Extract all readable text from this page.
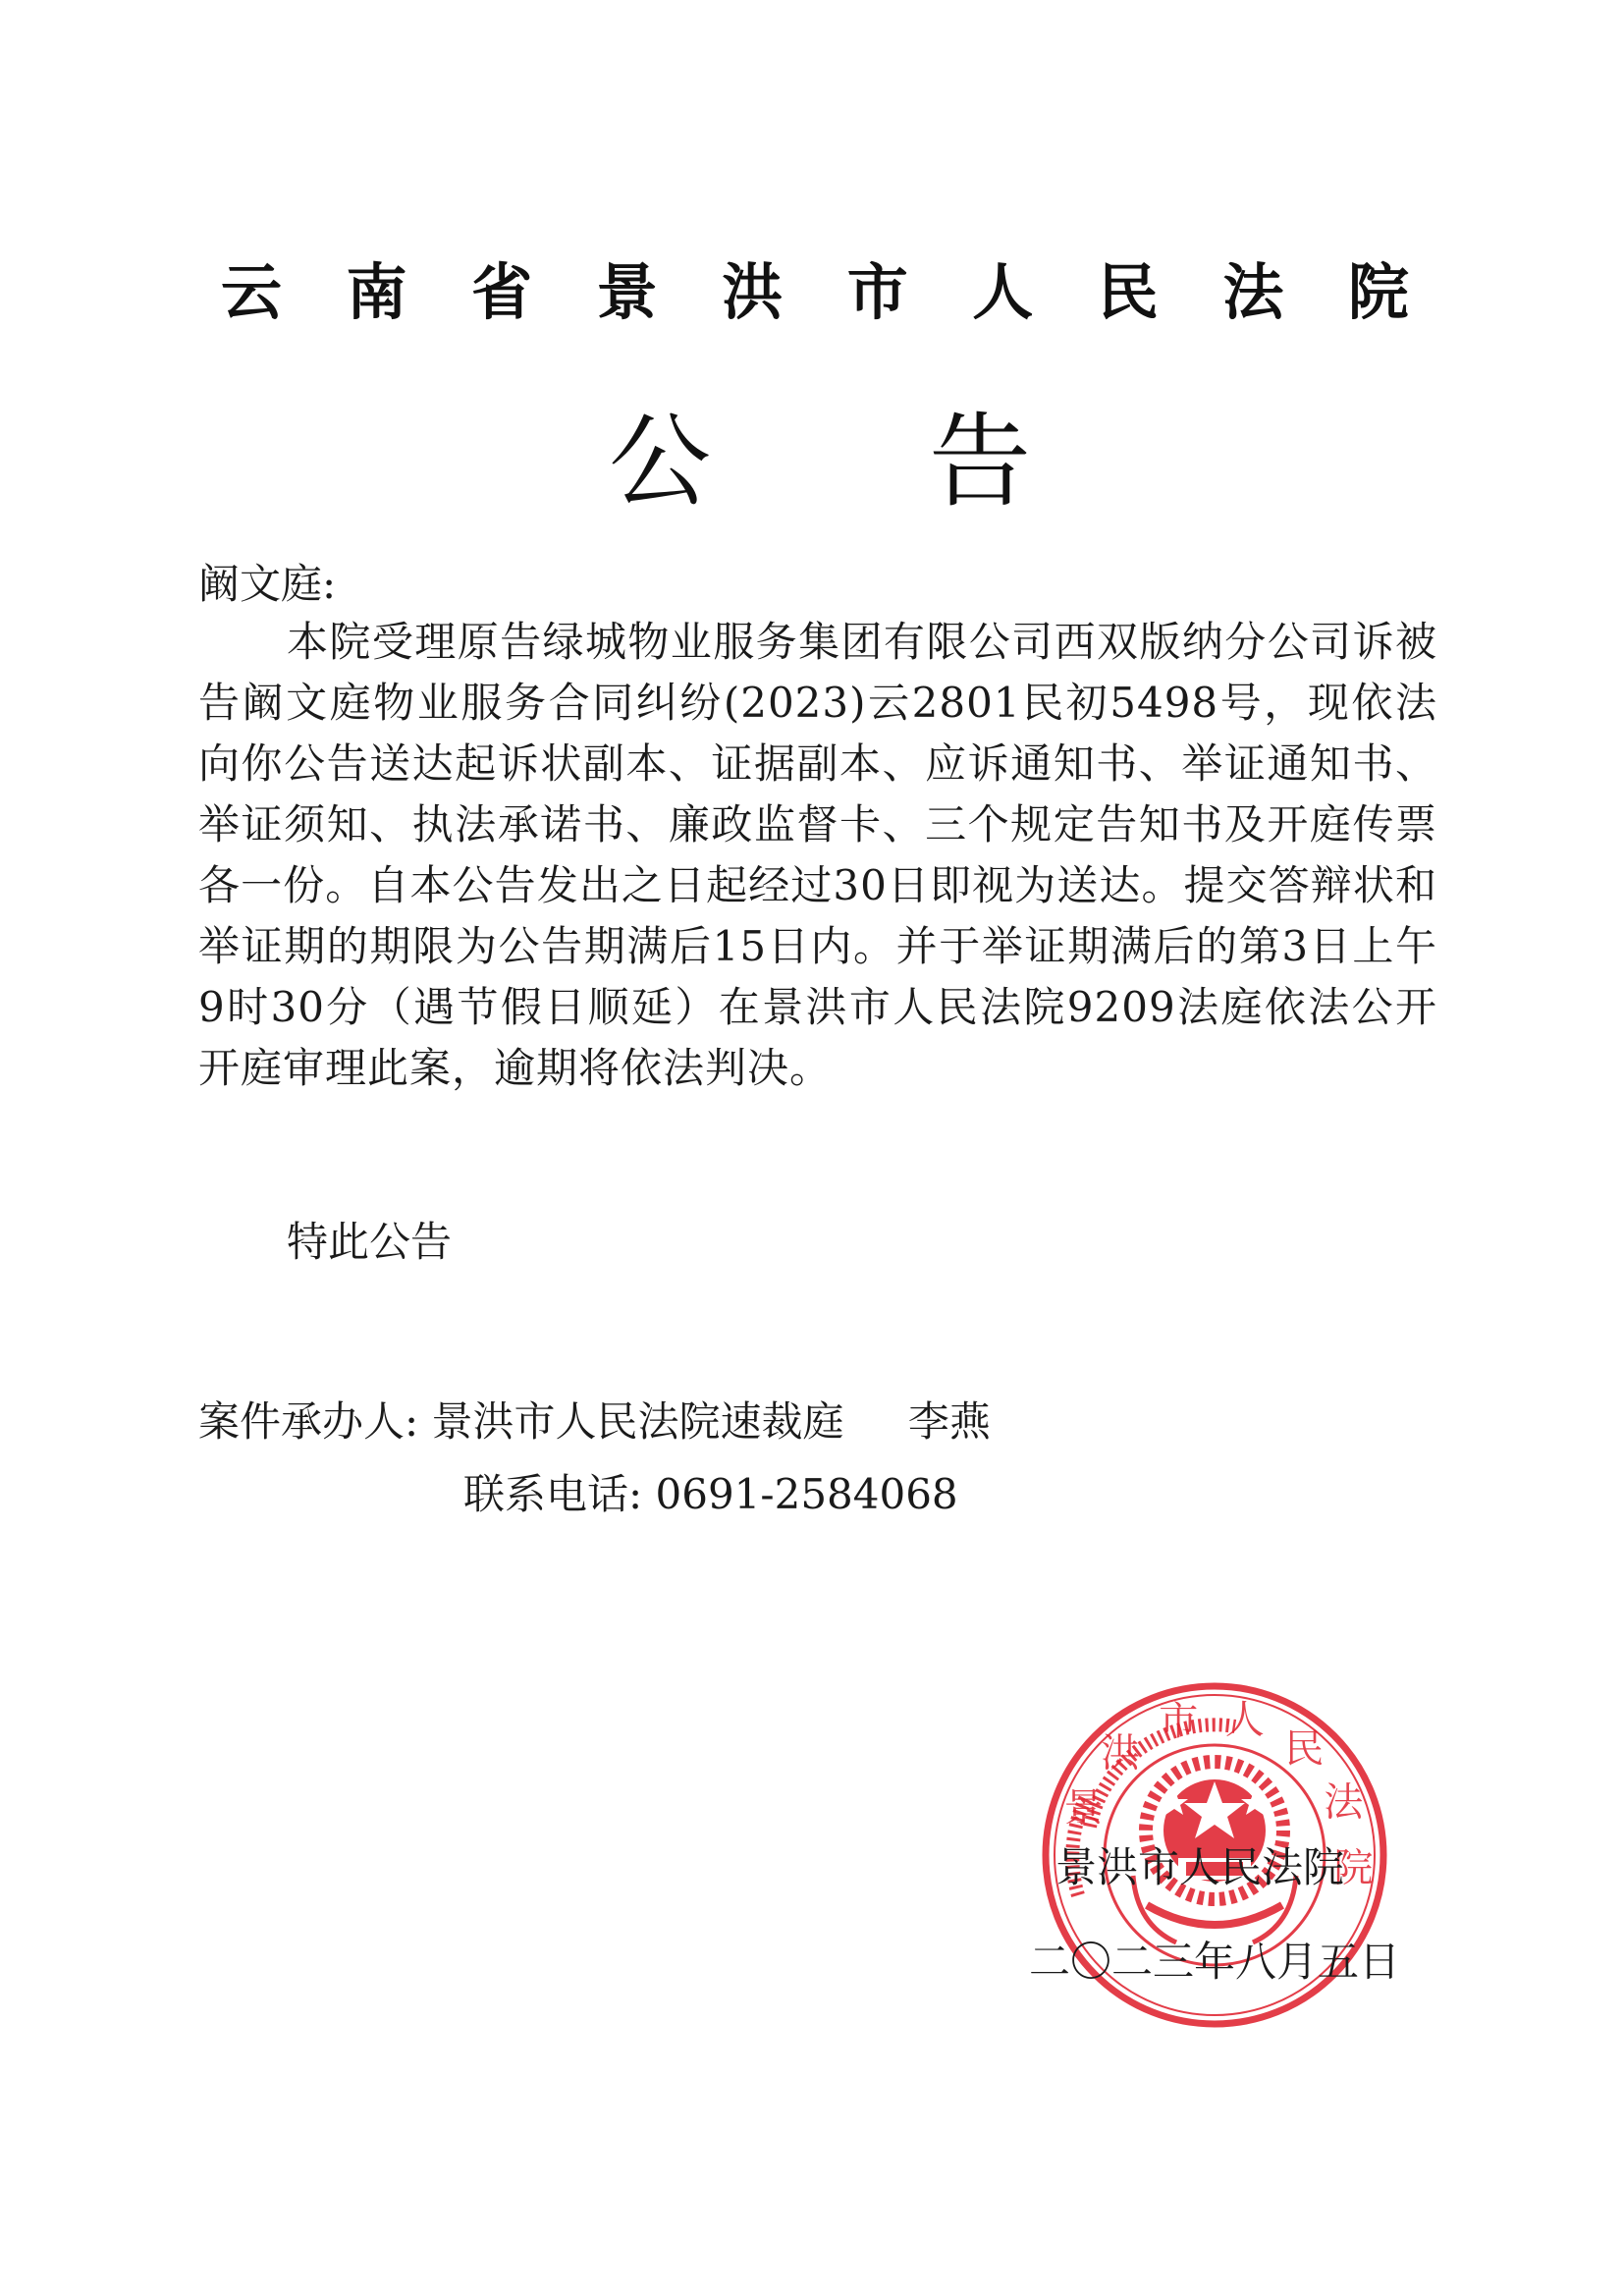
云 南 省 景 洪 市 人 民 法 院
公 告

阚文庭:

本院受理原告绿城物业服务集团有限公司西双版纳分公司诉被告阚文庭物业服务合同纠纷(2023)云2801民初5498号，现依法向你公告送达起诉状副本、证据副本、应诉通知书、举证通知书、举证须知、执法承诺书、廉政监督卡、三个规定告知书及开庭传票各一份。自本公告发出之日起经过30日即视为送达。提交答辩状和举证期的期限为公告期满后15日内。并于举证期满后的第3日上午9时30分（遇节假日顺延）在景洪市人民法院9209法庭依法公开开庭审理此案，逾期将依法判决。

特此公告

案件承办人: 景洪市人民法院速裁庭 李燕

联系电话: 0691-2584068

景洪市 人民法院

景洪市人民法院

二〇二三年八月五日
